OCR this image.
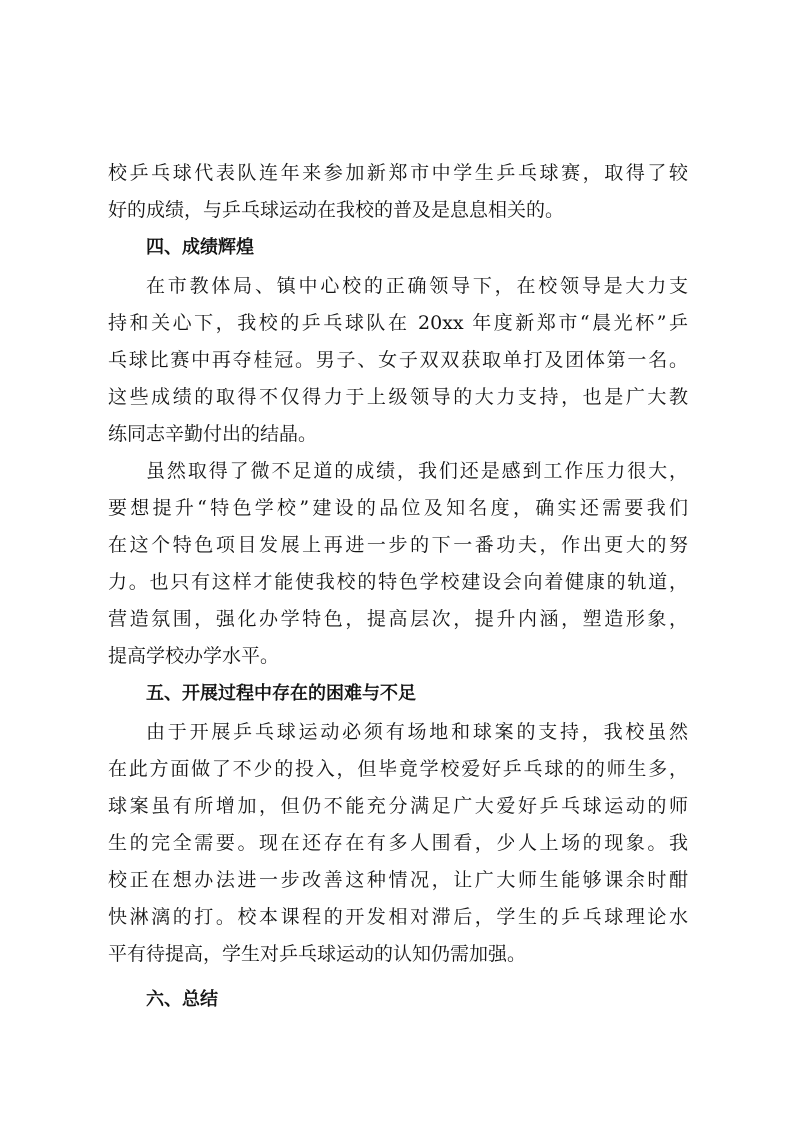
校乒乓球代表队连年来参加新郑市中学生乒乓球赛，取得了较
好的成绩，与乒乓球运动在我校的普及是息息相关的。
四、成绩辉煌
在市教体局、镇中心校的正确领导下，在校领导是大力支
持和关心下，我校的乒乓球队在 20xx 年度新郑市“晨光杯”乒
乓球比赛中再夺桂冠。男子、女子双双获取单打及团体第一名。
这些成绩的取得不仅得力于上级领导的大力支持，也是广大教
练同志辛勤付出的结晶。
虽然取得了微不足道的成绩，我们还是感到工作压力很大，
要想提升“特色学校”建设的品位及知名度，确实还需要我们
在这个特色项目发展上再进一步的下一番功夫，作出更大的努
力。也只有这样才能使我校的特色学校建设会向着健康的轨道，
营造氛围，强化办学特色，提高层次，提升内涵，塑造形象，
提高学校办学水平。
五、开展过程中存在的困难与不足
由于开展乒乓球运动必须有场地和球案的支持，我校虽然
在此方面做了不少的投入，但毕竟学校爱好乒乓球的的师生多，
球案虽有所增加，但仍不能充分满足广大爱好乒乓球运动的师
生的完全需要。现在还存在有多人围看，少人上场的现象。我
校正在想办法进一步改善这种情况，让广大师生能够课余时酣
快淋漓的打。校本课程的开发相对滞后，学生的乒乓球理论水
平有待提高，学生对乒乓球运动的认知仍需加强。
六、总结
